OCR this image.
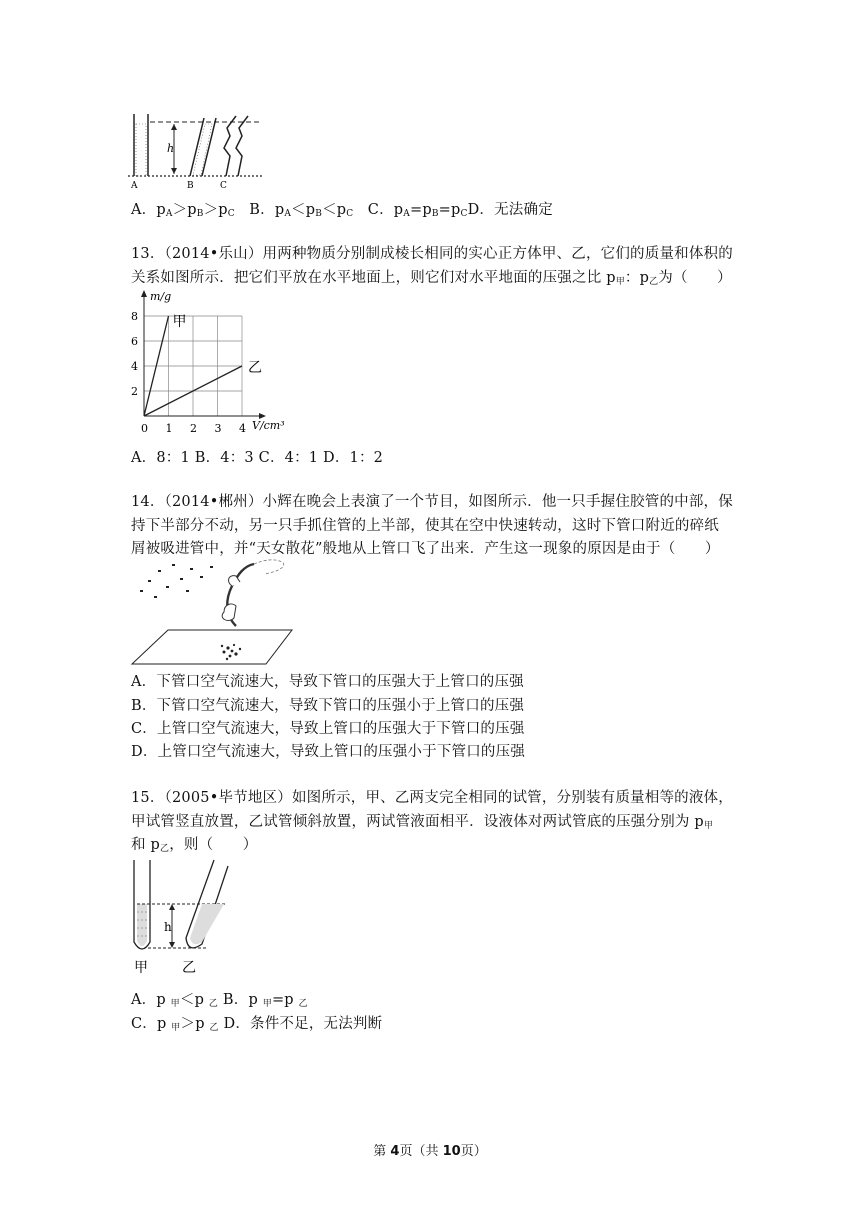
h
A	B	C
A．$p_A>p_B>p_C$ B．$p_A<p_B<p_C$ C．$p_A=p_B=p_CD$．无法确定
13．（2014•乐山）用两种物质分别制成棱长相同的实心正方体甲、乙，它们的质量和体积的
关系如图所示．把它们平放在水平地面上，则它们对水平地面的压强之比 $p_甲$：$p_乙$为（　　）
0 1 2 3 4
2
4
6
8
m/g
V/cm³
甲
乙
A．8：1 B．4：3 C．4：1 D．1：2
14．（2014•郴州）小辉在晚会上表演了一个节目，如图所示．他一只手握住胶管的中部，保
持下半部分不动，另一只手抓住管的上半部，使其在空中快速转动，这时下管口附近的碎纸
屑被吸进管中，并“天女散花”般地从上管口飞了出来．产生这一现象的原因是由于（　　）
A．下管口空气流速大，导致下管口的压强大于上管口的压强
B．下管口空气流速大，导致下管口的压强小于上管口的压强
C．上管口空气流速大，导致上管口的压强大于下管口的压强
D．上管口空气流速大，导致上管口的压强小于下管口的压强
15．（2005•毕节地区）如图所示，甲、乙两支完全相同的试管，分别装有质量相等的液体，
甲试管竖直放置，乙试管倾斜放置，两试管液面相平．设液体对两试管底的压强分别为 $p_甲$
和 $p_乙$，则（　　）
h
甲 乙
A．p $_甲$＜p $_乙$ B．p $_甲$=p $_乙$
C．p $_甲$＞p $_乙$ D．条件不足，无法判断
第 4页（共 10页）
